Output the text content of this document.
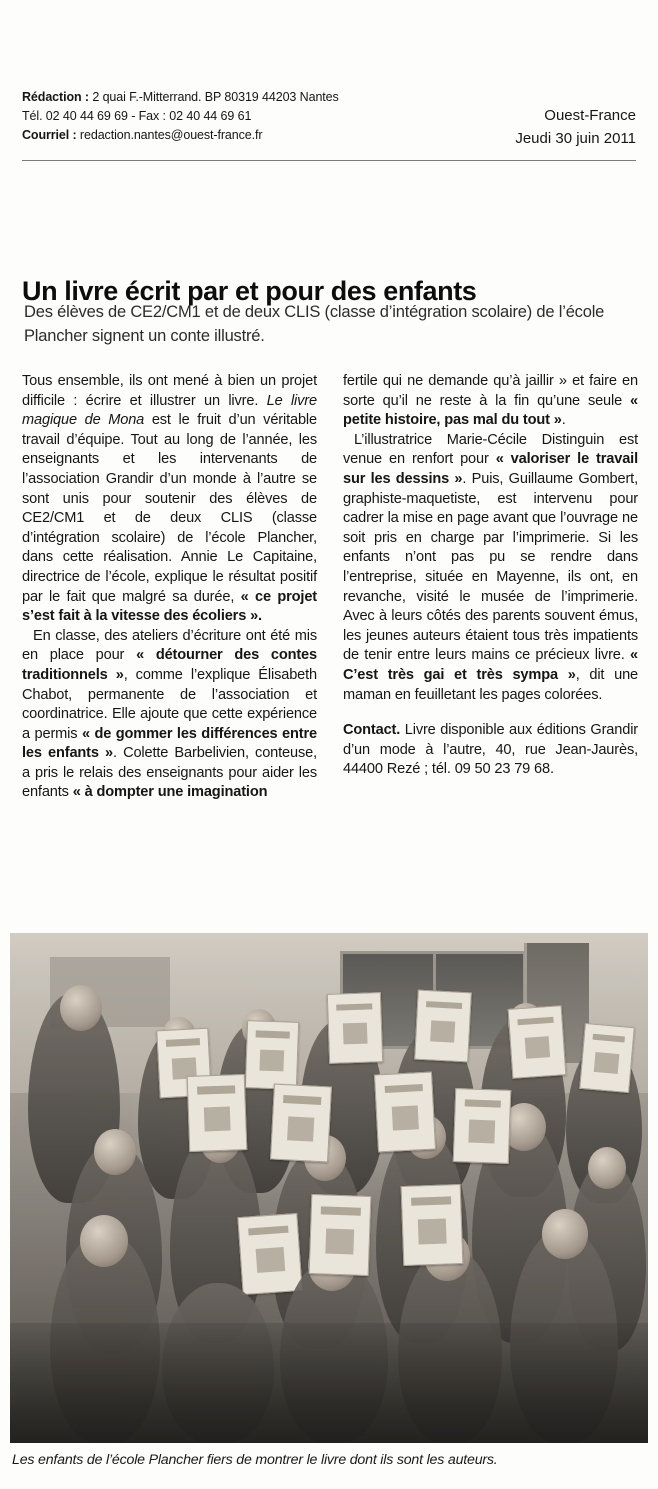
Rédaction : 2 quai F.-Mitterrand. BP 80319 44203 Nantes
Tél. 02 40 44 69 69 - Fax : 02 40 44 69 61
Courriel : redaction.nantes@ouest-france.fr
Ouest-France
Jeudi 30 juin 2011
Un livre écrit par et pour des enfants
Des élèves de CE2/CM1 et de deux CLIS (classe d’intégration scolaire) de l’école Plancher signent un conte illustré.

Tous ensemble, ils ont mené à bien un projet difficile : écrire et illustrer un livre. Le livre magique de Mona est le fruit d’un véritable travail d’équipe. Tout au long de l’année, les enseignants et les intervenants de l’association Grandir d’un monde à l’autre se sont unis pour soutenir des élèves de CE2/CM1 et de deux CLIS (classe d’intégration scolaire) de l’école Plancher, dans cette réalisation. Annie Le Capitaine, directrice de l’école, explique le résultat positif par le fait que malgré sa durée, « ce projet s’est fait à la vitesse des écoliers ».

En classe, des ateliers d’écriture ont été mis en place pour « détourner des contes traditionnels », comme l’explique Élisabeth Chabot, permanente de l’association et coordinatrice. Elle ajoute que cette expérience a permis « de gommer les différences entre les enfants ». Colette Barbelivien, conteuse, a pris le relais des enseignants pour aider les enfants « à dompter une imagination

fertile qui ne demande qu’à jaillir » et faire en sorte qu’il ne reste à la fin qu’une seule « petite histoire, pas mal du tout ».

L’illustratrice Marie-Cécile Distinguin est venue en renfort pour « valoriser le travail sur les dessins ». Puis, Guillaume Gombert, graphiste-maquetiste, est intervenu pour cadrer la mise en page avant que l’ouvrage ne soit pris en charge par l’imprimerie. Si les enfants n’ont pas pu se rendre dans l’entreprise, située en Mayenne, ils ont, en revanche, visité le musée de l’imprimerie. Avec à leurs côtés des parents souvent émus, les jeunes auteurs étaient tous très impatients de tenir entre leurs mains ce précieux livre. « C’est très gai et très sympa », dit une maman en feuilletant les pages colorées.

Contact. Livre disponible aux éditions Grandir d’un mode à l’autre, 40, rue Jean-Jaurès, 44400 Rezé ; tél. 09 50 23 79 68.

Les enfants de l’école Plancher fiers de montrer le livre dont ils sont les auteurs.
